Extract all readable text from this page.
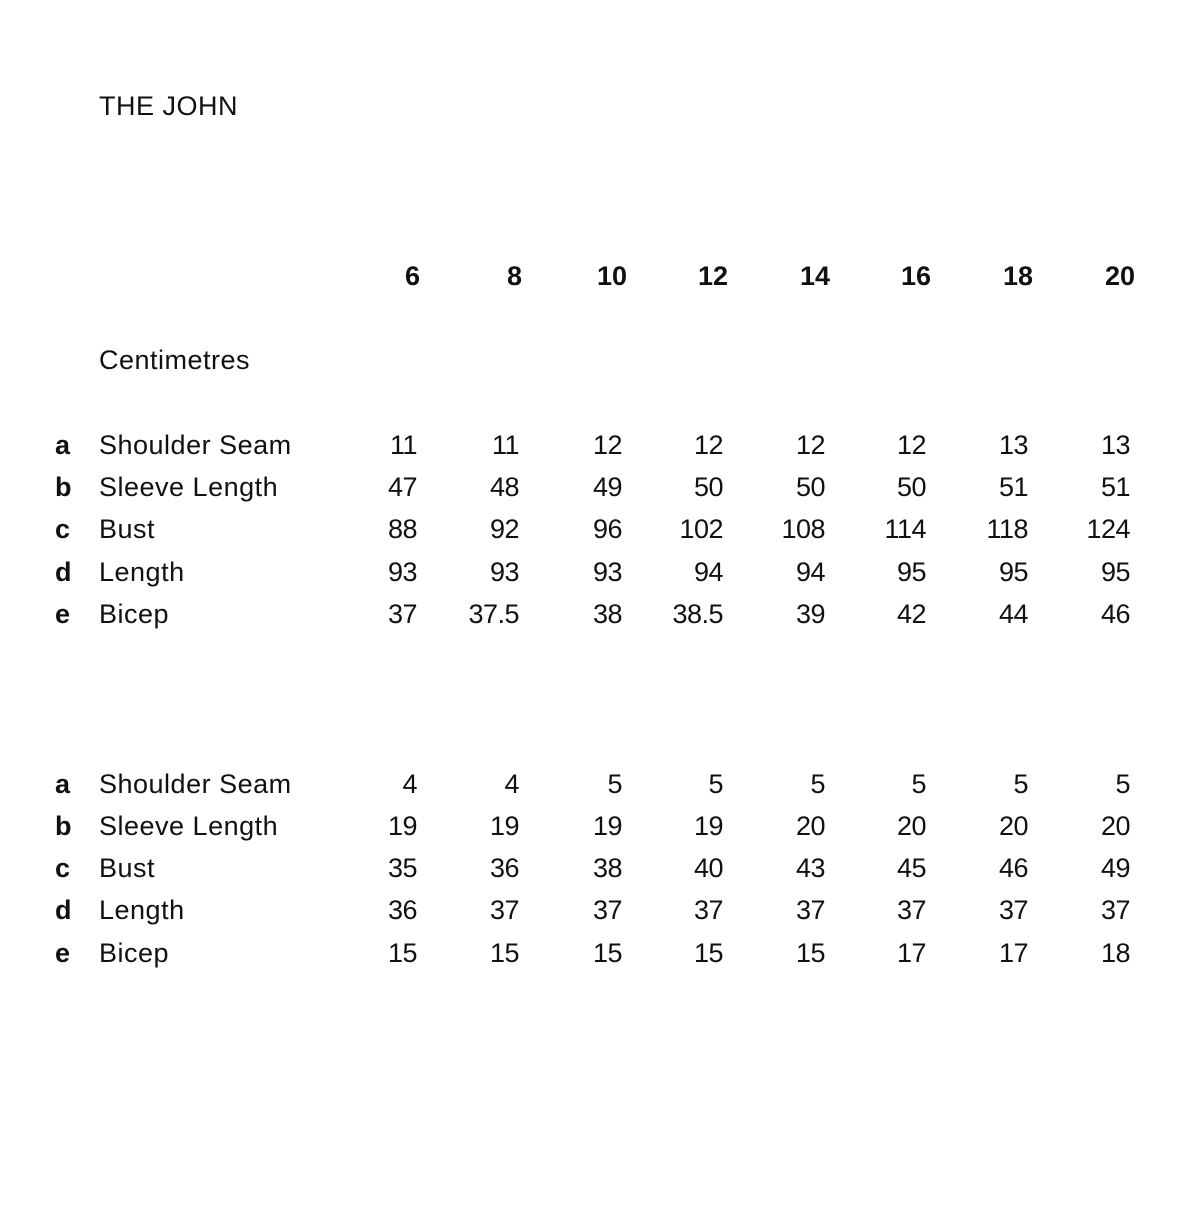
THE JOHN
6	8	10	12	14	16	18	20
Centimetres
a Shoulder Seam	11	11	12	12	12	12	13	13
b Sleeve Length	47	48	49	50	50	50	51	51
c Bust	88	92	96	102	108	114	118	124
d Length	93	93	93	94	94	95	95	95
e Bicep	37	37.5	38	38.5	39	42	44	46
a Shoulder Seam	4	4	5	5	5	5	5	5
b Sleeve Length	19	19	19	19	20	20	20	20
c Bust	35	36	38	40	43	45	46	49
d Length	36	37	37	37	37	37	37	37
e Bicep	15	15	15	15	15	17	17	18
